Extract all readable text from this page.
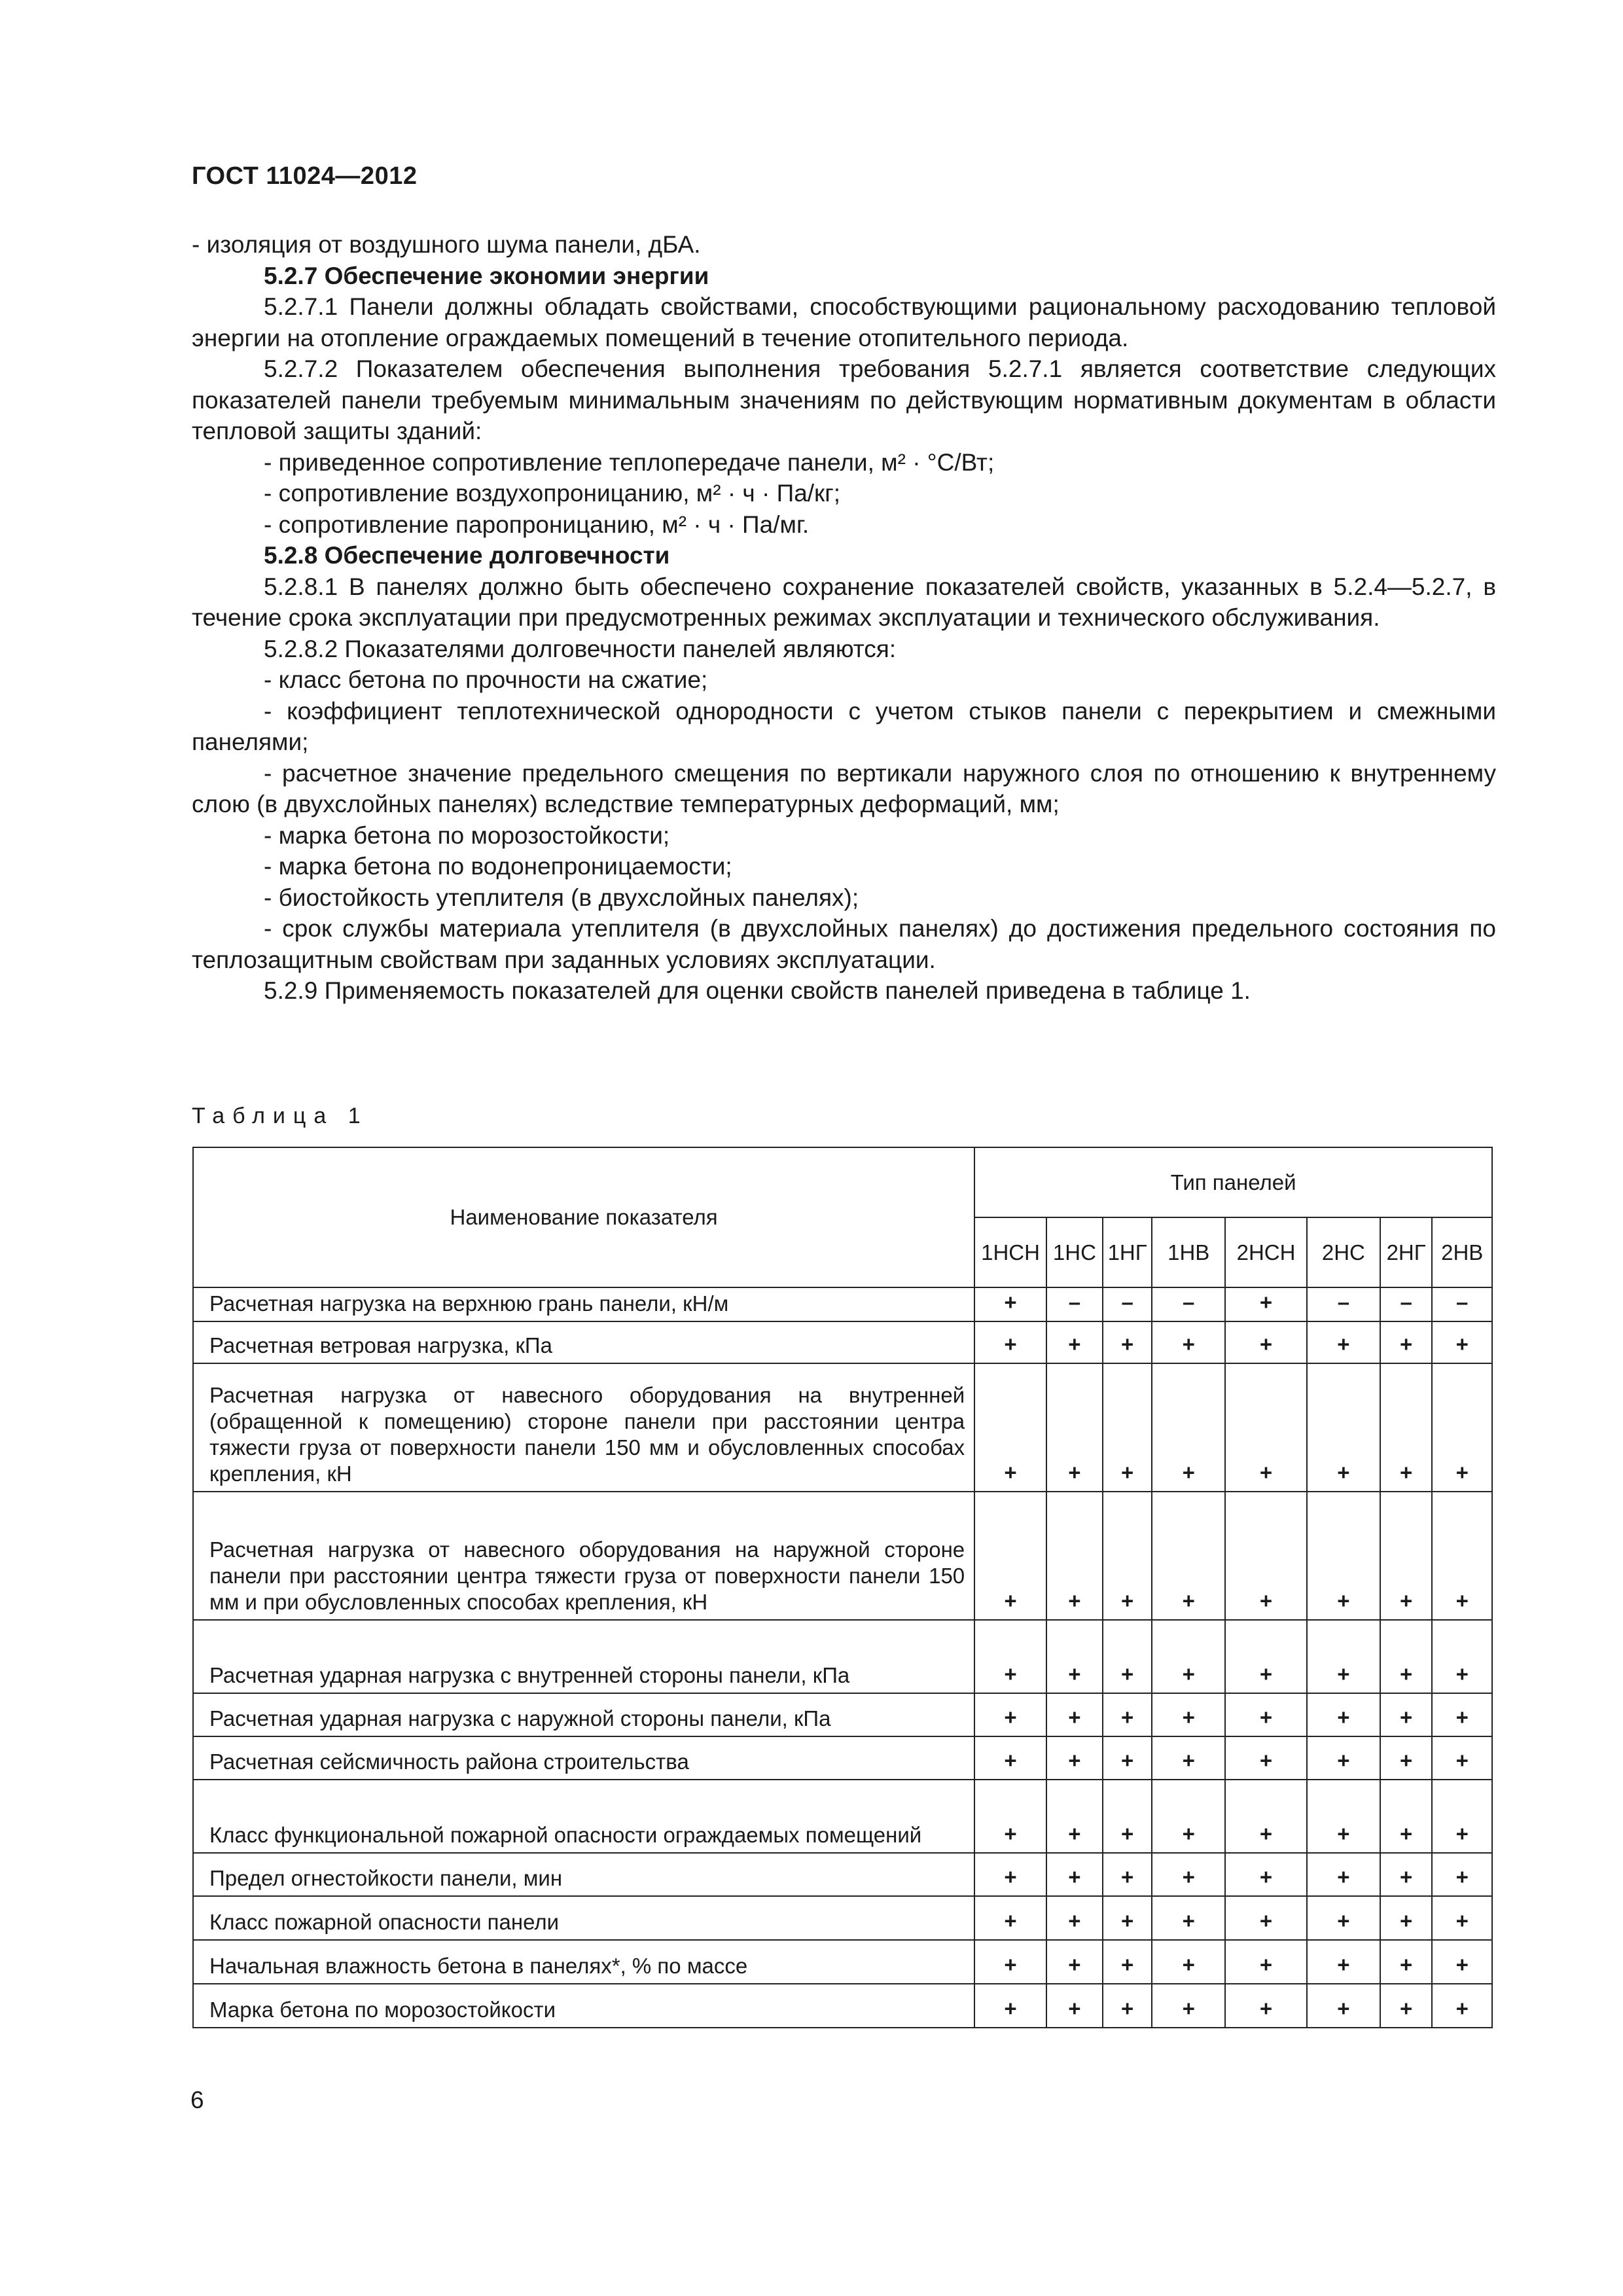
ГОСТ 11024—2012

- изоляция от воздушного шума панели, дБА.

5.2.7 Обеспечение экономии энергии

5.2.7.1 Панели должны обладать свойствами, способствующими рациональному расходованию тепловой энергии на отопление ограждаемых помещений в течение отопительного периода.

5.2.7.2 Показателем обеспечения выполнения требования 5.2.7.1 является соответствие следующих показателей панели требуемым минимальным значениям по действующим нормативным документам в области тепловой защиты зданий:

- приведенное сопротивление теплопередаче панели, м² · °С/Вт;

- сопротивление воздухопроницанию, м² · ч · Па/кг;

- сопротивление паропроницанию, м² · ч · Па/мг.

5.2.8 Обеспечение долговечности

5.2.8.1 В панелях должно быть обеспечено сохранение показателей свойств, указанных в 5.2.4—5.2.7, в течение срока эксплуатации при предусмотренных режимах эксплуатации и технического обслуживания.

5.2.8.2 Показателями долговечности панелей являются:

- класс бетона по прочности на сжатие;

- коэффициент теплотехнической однородности с учетом стыков панели с перекрытием и смежными панелями;

- расчетное значение предельного смещения по вертикали наружного слоя по отношению к внутреннему слою (в двухслойных панелях) вследствие температурных деформаций, мм;

- марка бетона по морозостойкости;

- марка бетона по водонепроницаемости;

- биостойкость утеплителя (в двухслойных панелях);

- срок службы материала утеплителя (в двухслойных панелях) до достижения предельного состояния по теплозащитным свойствам при заданных условиях эксплуатации.

5.2.9 Применяемость показателей для оценки свойств панелей приведена в таблице 1.

Таблица 1
Наименование показателя	Тип панелей							
	1НСН	1НС	1НГ	1НВ	2НСН	2НС	2НГ	2НВ
Расчетная нагрузка на верхнюю грань панели, кН/м	+	–	–	–	+	–	–	–
Расчетная ветровая нагрузка, кПа	+	+	+	+	+	+	+	+
Расчетная нагрузка от навесного оборудования на внутренней (обращенной к помещению) стороне панели при расстоянии центра тяжести груза от поверхности панели 150 мм и обусловленных способах крепления, кН	+	+	+	+	+	+	+	+
Расчетная нагрузка от навесного оборудования на наружной стороне панели при расстоянии центра тяжести груза от поверхности панели 150 мм и при обусловленных способах крепления, кН	+	+	+	+	+	+	+	+
Расчетная ударная нагрузка с внутренней стороны панели, кПа	+	+	+	+	+	+	+	+
Расчетная ударная нагрузка с наружной стороны панели, кПа	+	+	+	+	+	+	+	+
Расчетная сейсмичность района строительства	+	+	+	+	+	+	+	+
Класс функциональной пожарной опасности ограждаемых помещений	+	+	+	+	+	+	+	+
Предел огнестойкости панели, мин	+	+	+	+	+	+	+	+
Класс пожарной опасности панели	+	+	+	+	+	+	+	+
Начальная влажность бетона в панелях*, % по массе	+	+	+	+	+	+	+	+
Марка бетона по морозостойкости	+	+	+	+	+	+	+	+
6
